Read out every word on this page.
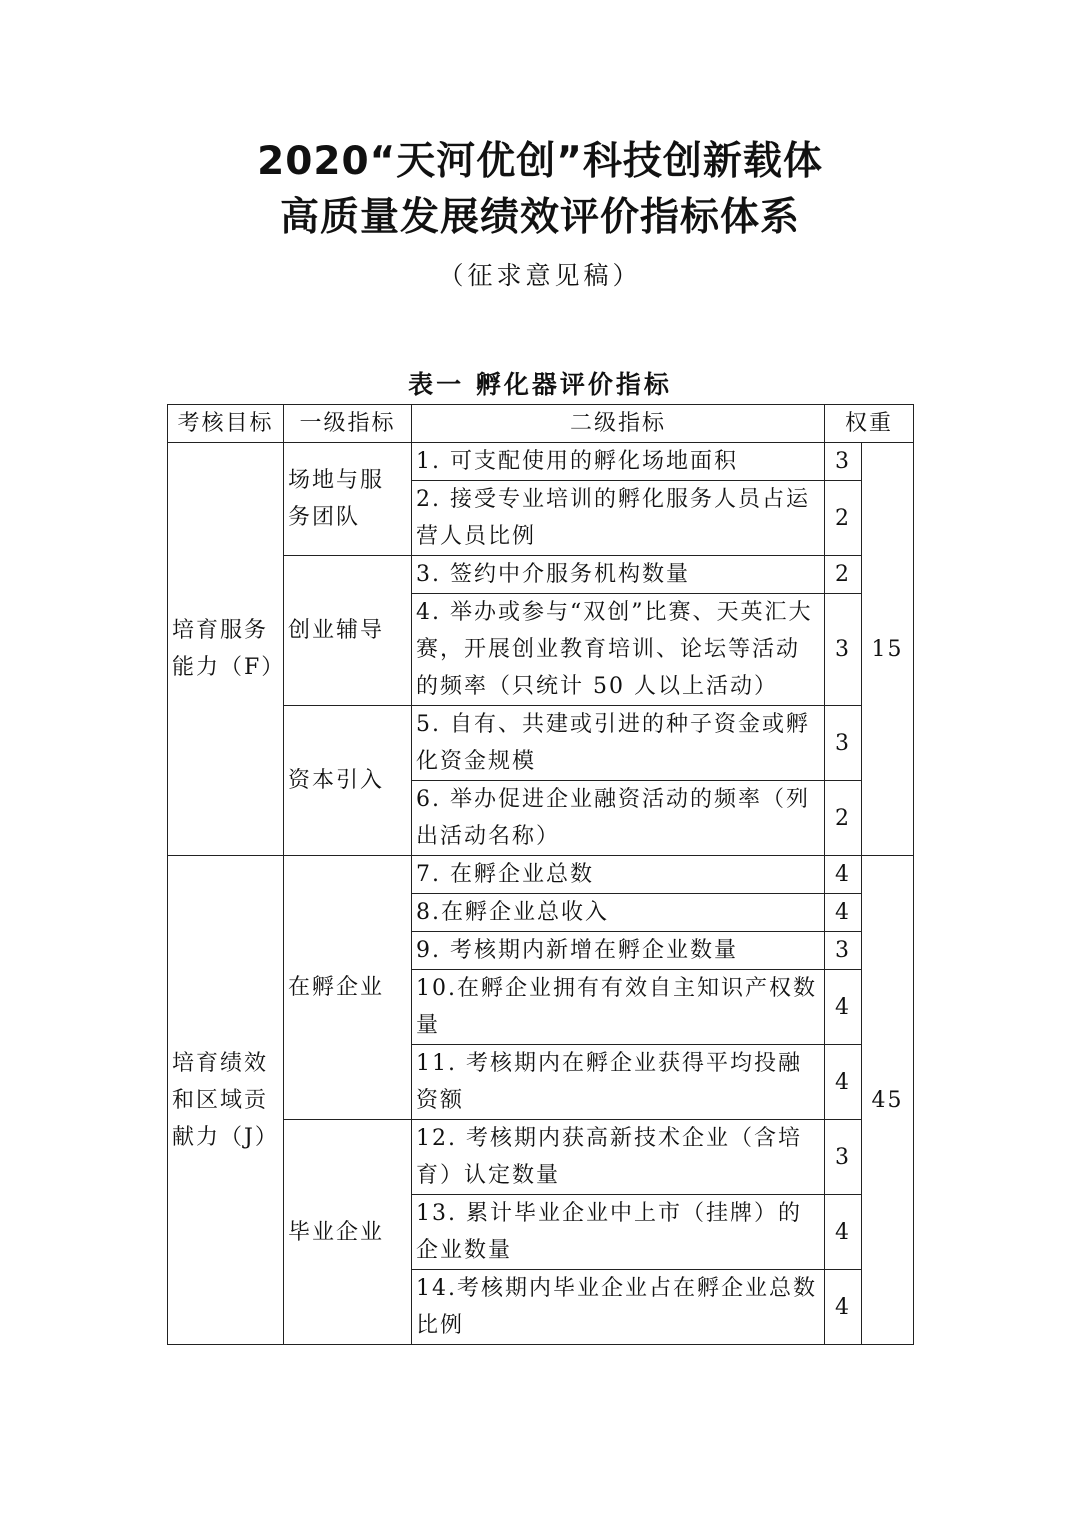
2020“天河优创”科技创新载体
高质量发展绩效评价指标体系
（征求意见稿）
表一 孵化器评价指标
考核目标	一级指标	二级指标	权重	
培育服务能力（F）	场地与服务团队	1. 可支配使用的孵化场地面积	3	15
		2. 接受专业培训的孵化服务人员占运营人员比例	2	
	创业辅导	3. 签约中介服务机构数量	2	
		4. 举办或参与“双创”比赛、天英汇大赛，开展创业教育培训、论坛等活动的频率（只统计 50 人以上活动）	3	
	资本引入	5. 自有、共建或引进的种子资金或孵化资金规模	3	
		6. 举办促进企业融资活动的频率（列出活动名称）	2	
培育绩效和区域贡献力（J）	在孵企业	7. 在孵企业总数	4	45
		8.在孵企业总收入	4	
		9. 考核期内新增在孵企业数量	3	
		10.在孵企业拥有有效自主知识产权数量	4	
		11. 考核期内在孵企业获得平均投融资额	4	
	毕业企业	12. 考核期内获高新技术企业（含培育）认定数量	3	
		13. 累计毕业企业中上市（挂牌）的企业数量	4	
		14.考核期内毕业企业占在孵企业总数比例	4	
